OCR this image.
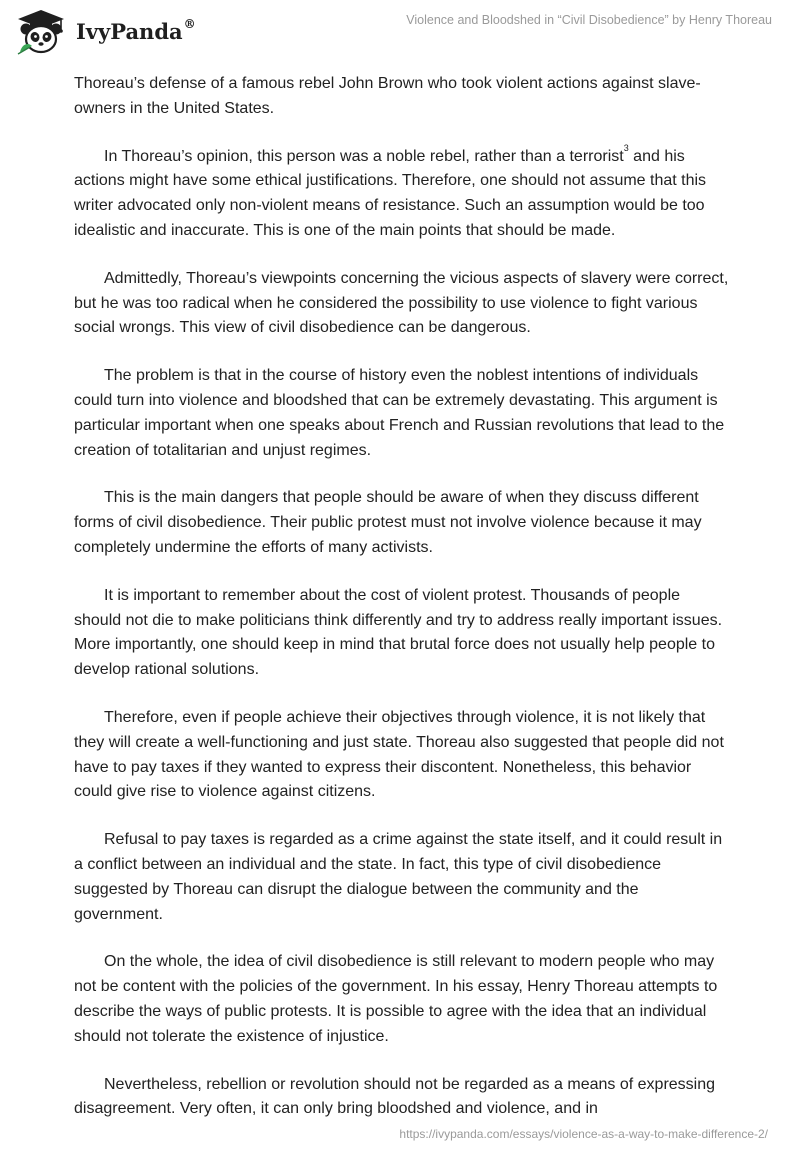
IvyPanda®	Violence and Bloodshed in “Civil Disobedience” by Henry Thoreau

Thoreau’s defense of a famous rebel John Brown who took violent actions against slave-owners in the United States.

In Thoreau’s opinion, this person was a noble rebel, rather than a terrorist$^3$ and his actions might have some ethical justifications. Therefore, one should not assume that this writer advocated only non-violent means of resistance. Such an assumption would be too idealistic and inaccurate. This is one of the main points that should be made.

Admittedly, Thoreau’s viewpoints concerning the vicious aspects of slavery were correct, but he was too radical when he considered the possibility to use violence to fight various social wrongs. This view of civil disobedience can be dangerous.

The problem is that in the course of history even the noblest intentions of individuals could turn into violence and bloodshed that can be extremely devastating. This argument is particular important when one speaks about French and Russian revolutions that lead to the creation of totalitarian and unjust regimes.

This is the main dangers that people should be aware of when they discuss different forms of civil disobedience. Their public protest must not involve violence because it may completely undermine the efforts of many activists.

It is important to remember about the cost of violent protest. Thousands of people should not die to make politicians think differently and try to address really important issues. More importantly, one should keep in mind that brutal force does not usually help people to develop rational solutions.

Therefore, even if people achieve their objectives through violence, it is not likely that they will create a well-functioning and just state. Thoreau also suggested that people did not have to pay taxes if they wanted to express their discontent. Nonetheless, this behavior could give rise to violence against citizens.

Refusal to pay taxes is regarded as a crime against the state itself, and it could result in a conflict between an individual and the state. In fact, this type of civil disobedience suggested by Thoreau can disrupt the dialogue between the community and the government.

On the whole, the idea of civil disobedience is still relevant to modern people who may not be content with the policies of the government. In his essay, Henry Thoreau attempts to describe the ways of public protests. It is possible to agree with the idea that an individual should not tolerate the existence of injustice.

Nevertheless, rebellion or revolution should not be regarded as a means of expressing disagreement. Very often, it can only bring bloodshed and violence, and in

https://ivypanda.com/essays/violence-as-a-way-to-make-difference-2/
